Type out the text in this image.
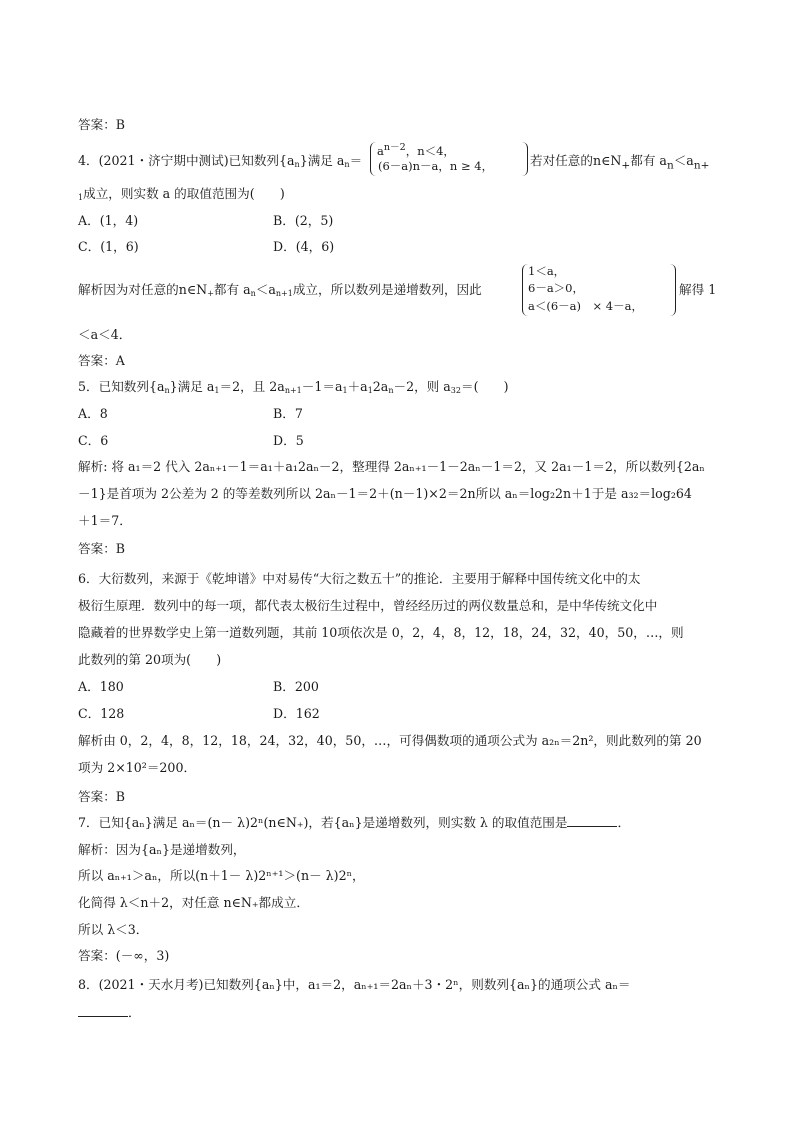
答案：B
4．(2021・济宁期中测试)已知数列$\{a_n\}$满足 $a_n=$
$a^{n-2}$，n＜4，
(6－a)n－a，n ≥ 4，	若对任意的$n\in N_+$都有 $a_n<a_{n+}$
$_1$成立，则实数 a 的取值范围为(　　)
A．(1，4)	B．(2，5)
C．(1，6)	D．(4，6)
解析因为对任意的$n\in N_+$都有 $a_n<a_{n+1}$成立，所以数列是递增数列，因此
1＜a，
6－a＞0，
a＜(6－a)　× 4－a，
解得 1
＜a＜4．
答案：A
5．已知数列$\{a_n\}$满足 $a_1=2$，且 $2a_{n+1}-1=a_1+a_12a_n-2$，则 $a_{32}=$(　　)
A．8	B．7
C．6	D．5
解析: 将 a₁＝2 代入 2aₙ₊₁－1＝a₁＋a₁2aₙ－2，整理得 2aₙ₊₁－1－2aₙ－1＝2，又 2a₁－1＝2，所以数列{2aₙ
－1}是首项为 2公差为 2 的等差数列所以 2aₙ－1＝2＋(n－1)×2＝2n所以 aₙ＝log₂2n＋1于是 a₃₂＝log₂64
＋1＝7．
答案：B
6．大衍数列，来源于《乾坤谱》中对易传“大衍之数五十”的推论．主要用于解释中国传统文化中的太
极衍生原理．数列中的每一项，都代表太极衍生过程中，曾经经历过的两仪数量总和，是中华传统文化中
隐藏着的世界数学史上第一道数列题，其前 10项依次是 0，2，4，8，12，18，24，32，40，50，…，则
此数列的第 20项为(　　)
A．180	B．200
C．128	D．162
解析由 0，2，4，8，12，18，24，32，40，50，…，可得偶数项的通项公式为 a₂ₙ＝2n²，则此数列的第 20
项为 2×10²＝200．
答案：B
7．已知{aₙ}满足 aₙ＝(n－ λ)2ⁿ(n∈N₊)，若{aₙ}是递增数列，则实数 λ 的取值范围是	．
解析：因为{aₙ}是递增数列，
所以 aₙ₊₁＞aₙ，所以(n＋1－ λ)2ⁿ⁺¹＞(n－ λ)2ⁿ，
化简得 λ＜n＋2，对任意 n∈N₊都成立．
所以 λ＜3．
答案：(－∞，3)
8．(2021・天水月考)已知数列{aₙ}中，a₁＝2，aₙ₊₁＝2aₙ＋3・2ⁿ，则数列{aₙ}的通项公式 aₙ＝
．
